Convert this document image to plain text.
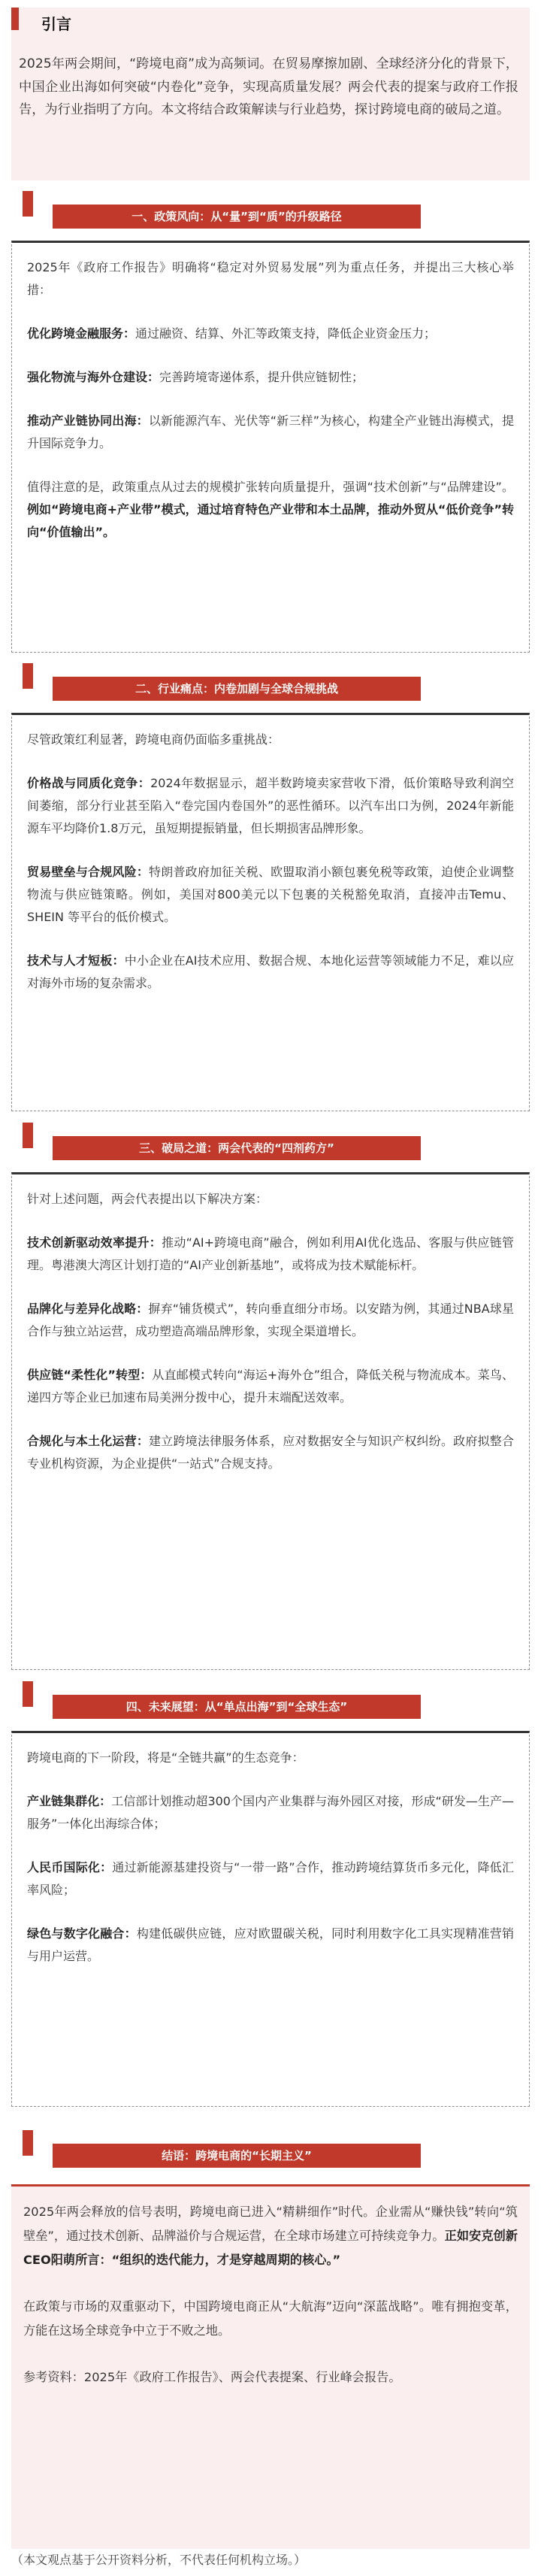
引言
2025年两会期间，“跨境电商”成为高频词。在贸易摩擦加剧、全球经济分化的背景下，中国企业出海如何突破“内卷化”竞争，实现高质量发展？两会代表的提案与政府工作报告，为行业指明了方向。本文将结合政策解读与行业趋势，探讨跨境电商的破局之道。
一、政策风向：从“量”到“质”的升级路径

2025年《政府工作报告》明确将“稳定对外贸易发展”列为重点任务，并提出三大核心举措：

优化跨境金融服务：通过融资、结算、外汇等政策支持，降低企业资金压力；

强化物流与海外仓建设：完善跨境寄递体系，提升供应链韧性；

推动产业链协同出海：以新能源汽车、光伏等“新三样”为核心，构建全产业链出海模式，提升国际竞争力。

值得注意的是，政策重点从过去的规模扩张转向质量提升，强调“技术创新”与“品牌建设”。例如“跨境电商+产业带”模式，通过培育特色产业带和本土品牌，推动外贸从“低价竞争”转向“价值输出”。

二、行业痛点：内卷加剧与全球合规挑战

尽管政策红利显著，跨境电商仍面临多重挑战：

价格战与同质化竞争：2024年数据显示，超半数跨境卖家营收下滑，低价策略导致利润空间萎缩，部分行业甚至陷入“卷完国内卷国外”的恶性循环。以汽车出口为例，2024年新能源车平均降价1.8万元，虽短期提振销量，但长期损害品牌形象。

贸易壁垒与合规风险：特朗普政府加征关税、欧盟取消小额包裹免税等政策，迫使企业调整物流与供应链策略。例如，美国对800美元以下包裹的关税豁免取消，直接冲击Temu、SHEIN 等平台的低价模式。

技术与人才短板：中小企业在AI技术应用、数据合规、本地化运营等领域能力不足，难以应对海外市场的复杂需求。

三、破局之道：两会代表的“四剂药方”

针对上述问题，两会代表提出以下解决方案：

技术创新驱动效率提升：推动“AI+跨境电商”融合，例如利用AI优化选品、客服与供应链管理。粤港澳大湾区计划打造的“AI产业创新基地”，或将成为技术赋能标杆。

品牌化与差异化战略：摒弃“铺货模式”，转向垂直细分市场。以安踏为例，其通过NBA球星合作与独立站运营，成功塑造高端品牌形象，实现全渠道增长。

供应链“柔性化”转型：从直邮模式转向“海运+海外仓”组合，降低关税与物流成本。菜鸟、递四方等企业已加速布局美洲分拨中心，提升末端配送效率。

合规化与本土化运营：建立跨境法律服务体系，应对数据安全与知识产权纠纷。政府拟整合专业机构资源，为企业提供“一站式”合规支持。

四、未来展望：从“单点出海”到“全球生态”

跨境电商的下一阶段，将是“全链共赢”的生态竞争：

产业链集群化：工信部计划推动超300个国内产业集群与海外园区对接，形成“研发—生产—服务”一体化出海综合体；

人民币国际化：通过新能源基建投资与“一带一路”合作，推动跨境结算货币多元化，降低汇率风险；

绿色与数字化融合：构建低碳供应链，应对欧盟碳关税，同时利用数字化工具实现精准营销与用户运营。

结语：跨境电商的“长期主义”

2025年两会释放的信号表明，跨境电商已进入“精耕细作”时代。企业需从“赚快钱”转向“筑壁垒”，通过技术创新、品牌溢价与合规运营，在全球市场建立可持续竞争力。正如安克创新 CEO阳萌所言：“组织的迭代能力，才是穿越周期的核心。”

在政策与市场的双重驱动下，中国跨境电商正从“大航海”迈向“深蓝战略”。唯有拥抱变革，方能在这场全球竞争中立于不败之地。

参考资料：2025年《政府工作报告》、两会代表提案、行业峰会报告。

（本文观点基于公开资料分析，不代表任何机构立场。）
